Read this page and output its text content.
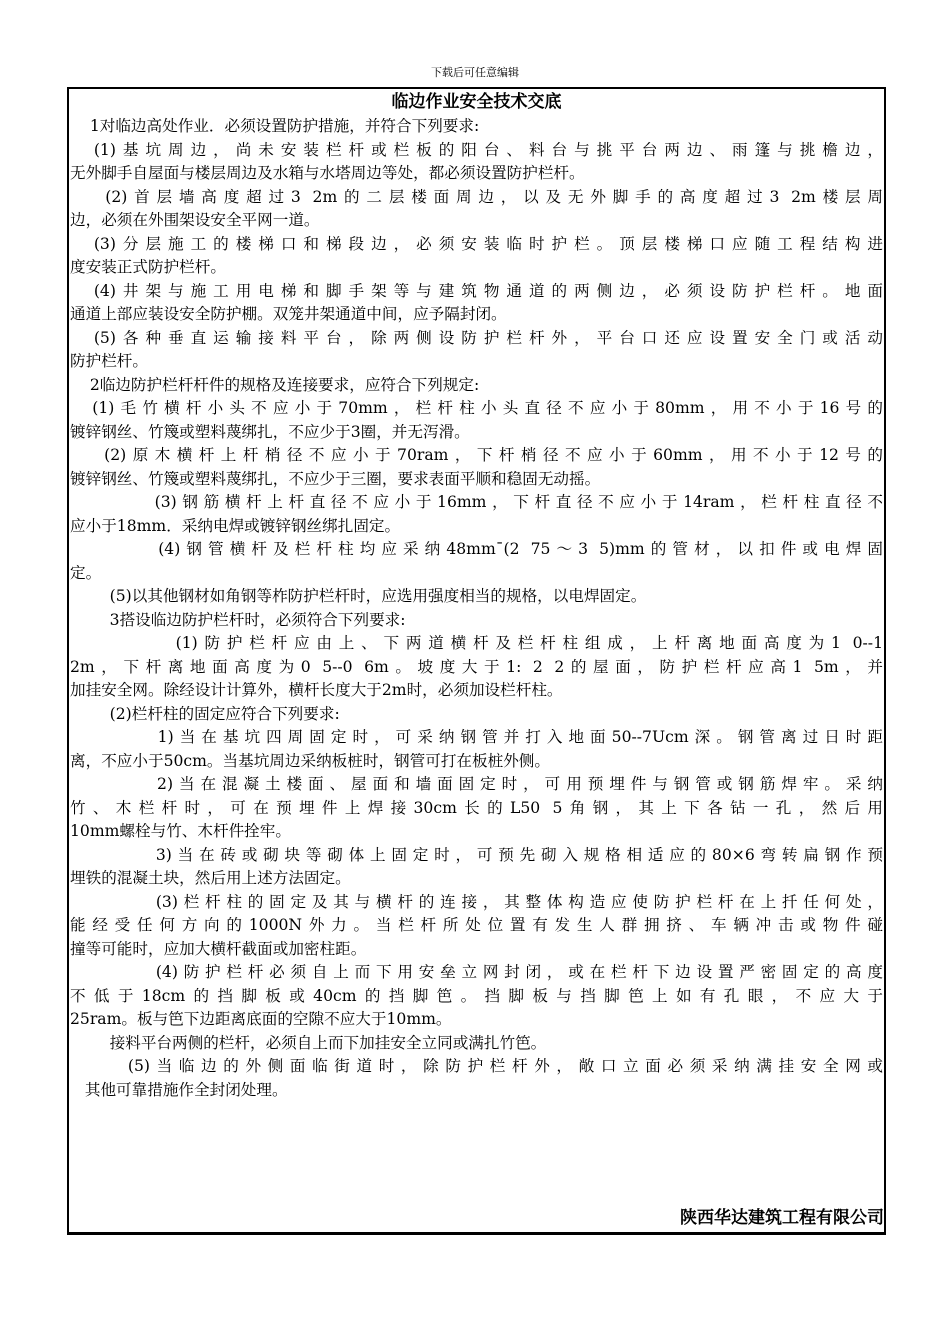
下载后可任意编辑
临边作业安全技术交底
1对临边高处作业．必须设置防护措施，并符合下列要求:
(1)基坑周边，尚未安装栏杆或栏板的阳台、料台与挑平台两边、雨篷与挑檐边，
无外脚手自屋面与楼层周边及水箱与水塔周边等处，都必须设置防护栏杆。
(2)首层墙高度超过3 2m的二层楼面周边，以及无外脚手的高度超过3 2m楼层周
边，必须在外围架设安全平网一道。
(3)分层施工的楼梯口和梯段边，必须安装临时护栏。顶层楼梯口应随工程结构进
度安装正式防护栏杆。
(4)井架与施工用电梯和脚手架等与建筑物通道的两侧边，必须设防护栏杆。地面
通道上部应装设安全防护棚。双笼井架通道中间，应予隔封闭。
(5)各种垂直运输接料平台，除两侧设防护栏杆外，平台口还应设置安全门或活动
防护栏杆。
2临边防护栏杆杆件的规格及连接要求，应符合下列规定:
(1)毛竹横杆小头不应小于70mm，栏杆柱小头直径不应小于80mm，用不小于16号的
镀锌钢丝、竹篾或塑料蔑绑扎，不应少于3圈，并无泻滑。
(2)原木横杆上杆梢径不应小于70ram，下杆梢径不应小于60mm，用不小于12号的
镀锌钢丝、竹篾或塑料蔑绑扎，不应少于三圈，要求表面平顺和稳固无动摇。
(3)钢筋横杆上杆直径不应小于16mm，下杆直径不应小于14ram，栏杆柱直径不
应小于18mm．采纳电焊或镀锌钢丝绑扎固定。
(4)钢管横杆及栏杆柱均应采纳48mm¯(2 75～3 5)mm的管材，以扣件或电焊固
定。
(5)以其他钢材如角钢等柞防护栏杆时，应选用强度相当的规格，以电焊固定。
3搭设临边防护栏杆时，必须符合下列要求:
(1)防护栏杆应由上、下两道横杆及栏杆柱组成，上杆离地面高度为1 0--1
2m，下杆离地面高度为0 5--0 6m。坡度大于1: 2 2的屋面，防护栏杆应高1 5m，并
加挂安全网。除经设计计算外，横杆长度大于2m时，必须加设栏杆柱。
(2)栏杆柱的固定应符合下列要求:
1)当在基坑四周固定时，可采纳钢管并打入地面50--7Ucm深。钢管离过日时距
离，不应小于50cm。当基坑周边采纳板桩时，钢管可打在板桩外侧。
2)当在混凝土楼面、屋面和墙面固定时，可用预埋件与钢管或钢筋焊牢。采纳
竹、木栏杆时，可在预埋件上焊接30cm长的L50 5角钢，其上下各钻一孔，然后用
10mm螺栓与竹、木杆件拴牢。
3)当在砖或砌块等砌体上固定时，可预先砌入规格相适应的80×6弯转扁钢作预
埋铁的混凝土块，然后用上述方法固定。
(3)栏杆柱的固定及其与横杆的连接，其整体构造应使防护栏杆在上扦任何处，
能经受任何方向的1000N外力。当栏杆所处位置有发生人群拥挤、车辆冲击或物件碰
撞等可能时，应加大横杆截面或加密柱距。
(4)防护栏杆必须自上而下用安垒立网封闭，或在栏杆下边设置严密固定的高度
不低于18cm的挡脚板或40cm的挡脚笆。挡脚板与挡脚笆上如有孔眼，不应大于
25ram。板与笆下边距离底面的空隙不应大于10mm。
接料平台两侧的栏杆，必须自上而下加挂安全立同或满扎竹笆。
(5)当临边的外侧面临街道时，除防护栏杆外，敞口立面必须采纳满挂安全网或
其他可靠措施作全封闭处理。
陕西华达建筑工程有限公司
